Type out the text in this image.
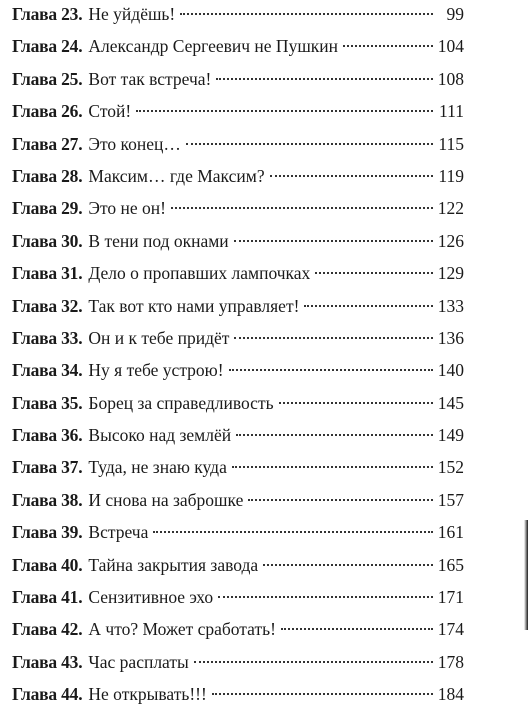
Глава 23. Не уйдёшь!	99
Глава 24. Александр Сергеевич не Пушкин	104
Глава 25. Вот так встреча!	108
Глава 26. Стой!	111
Глава 27. Это конец…	115
Глава 28. Максим… где Максим?	119
Глава 29. Это не он!	122
Глава 30. В тени под окнами	126
Глава 31. Дело о пропавших лампочках	129
Глава 32. Так вот кто нами управляет!	133
Глава 33. Он и к тебе придёт	136
Глава 34. Ну я тебе устрою!	140
Глава 35. Борец за справедливость	145
Глава 36. Высоко над землёй	149
Глава 37. Туда, не знаю куда	152
Глава 38. И снова на заброшке	157
Глава 39. Встреча	161
Глава 40. Тайна закрытия завода	165
Глава 41. Сензитивное эхо	171
Глава 42. А что? Может сработать!	174
Глава 43. Час расплаты	178
Глава 44. Не открывать!!!	184
